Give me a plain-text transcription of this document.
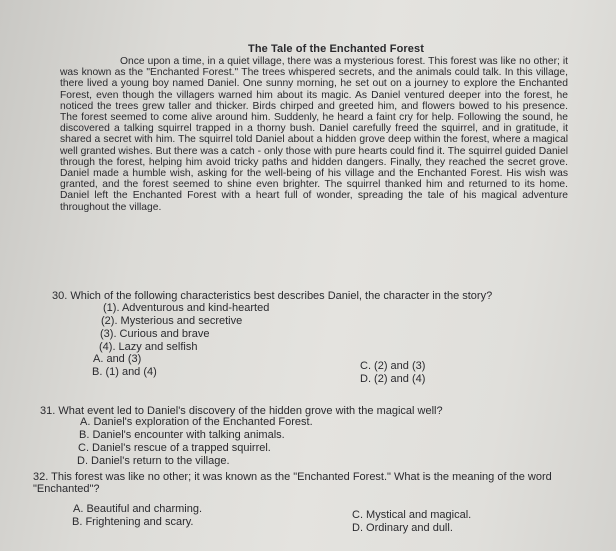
The Tale of the Enchanted Forest

Once upon a time, in a quiet village, there was a mysterious forest. This forest was like no other; it was known as the "Enchanted Forest." The trees whispered secrets, and the animals could talk. In this village, there lived a young boy named Daniel. One sunny morning, he set out on a journey to explore the Enchanted Forest, even though the villagers warned him about its magic. As Daniel ventured deeper into the forest, he noticed the trees grew taller and thicker. Birds chirped and greeted him, and flowers bowed to his presence. The forest seemed to come alive around him. Suddenly, he heard a faint cry for help. Following the sound, he discovered a talking squirrel trapped in a thorny bush. Daniel carefully freed the squirrel, and in gratitude, it shared a secret with him. The squirrel told Daniel about a hidden grove deep within the forest, where a magical well granted wishes. But there was a catch - only those with pure hearts could find it. The squirrel guided Daniel through the forest, helping him avoid tricky paths and hidden dangers. Finally, they reached the secret grove. Daniel made a humble wish, asking for the well-being of his village and the Enchanted Forest. His wish was granted, and the forest seemed to shine even brighter. The squirrel thanked him and returned to its home. Daniel left the Enchanted Forest with a heart full of wonder, spreading the tale of his magical adventure throughout the village.

30. Which of the following characteristics best describes Daniel, the character in the story?

(1). Adventurous and kind-hearted
(2). Mysterious and secretive
(3). Curious and brave
(4). Lazy and selfish
A. and (3)
B. (1) and (4)	C. (2) and (3)
D. (2) and (4)

31. What event led to Daniel's discovery of the hidden grove with the magical well?

A. Daniel's exploration of the Enchanted Forest.
B. Daniel's encounter with talking animals.
C. Daniel's rescue of a trapped squirrel.
D. Daniel's return to the village.

32. This forest was like no other; it was known as the "Enchanted Forest." What is the meaning of the word "Enchanted"?

A. Beautiful and charming.
B. Frightening and scary.
C. Mystical and magical.
D. Ordinary and dull.
